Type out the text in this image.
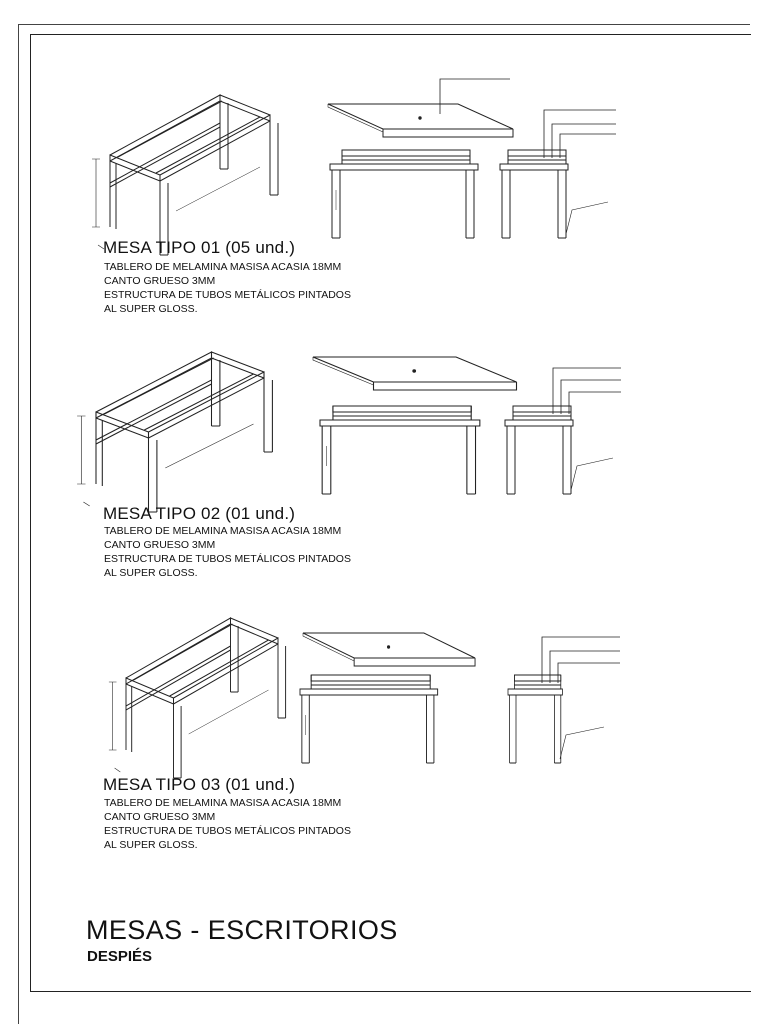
MESA TIPO 01 (05 und.)
TABLERO DE MELAMINA MASISA ACASIA 18MM
CANTO GRUESO 3MM
ESTRUCTURA DE TUBOS METÁLICOS PINTADOS
AL SUPER GLOSS.
MESA TIPO 02 (01 und.)
TABLERO DE MELAMINA MASISA ACASIA 18MM
CANTO GRUESO 3MM
ESTRUCTURA DE TUBOS METÁLICOS PINTADOS
AL SUPER GLOSS.
MESA TIPO 03 (01 und.)
TABLERO DE MELAMINA MASISA ACASIA 18MM
CANTO GRUESO 3MM
ESTRUCTURA DE TUBOS METÁLICOS PINTADOS
AL SUPER GLOSS.
MESAS - ESCRITORIOS
DESPIÉS
